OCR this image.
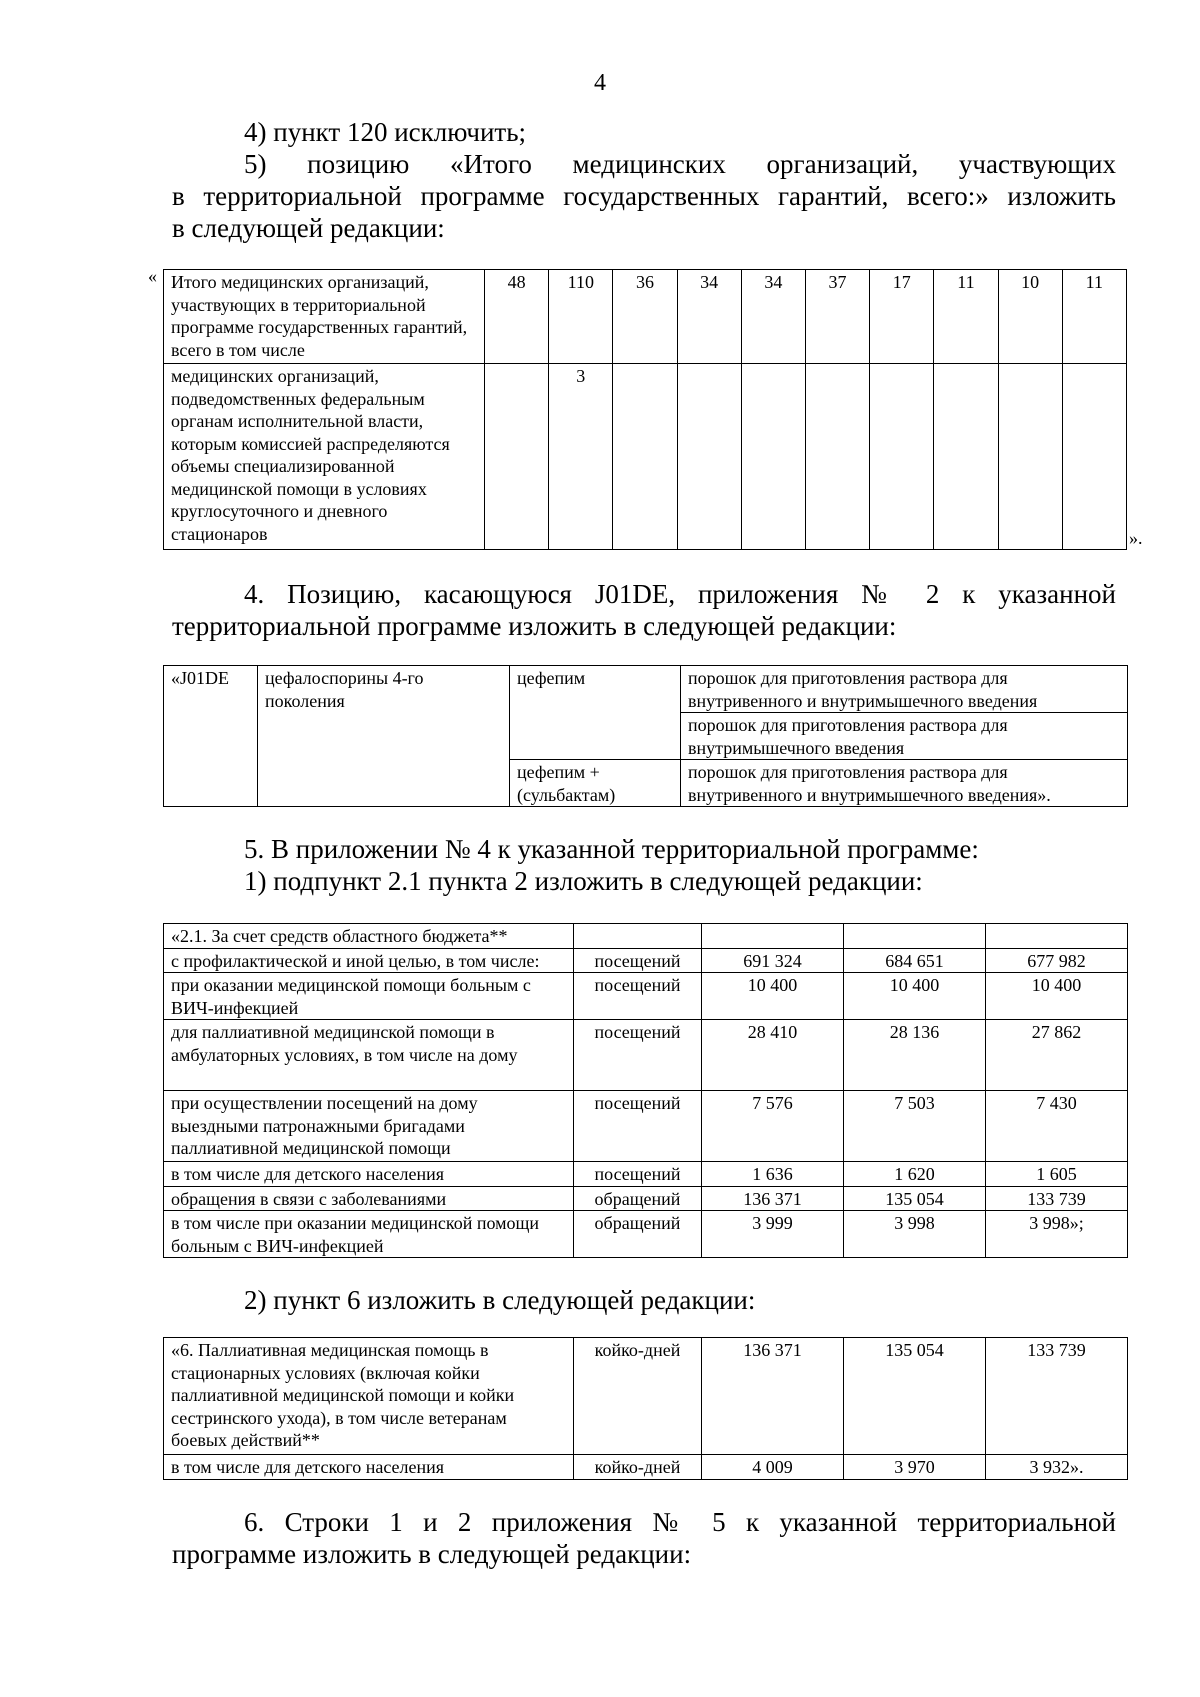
4

4) пункт 120 исключить;

5) позицию «Итого медицинских организаций, участвующих

в территориальной программе государственных гарантий, всего:» изложить

в следующей редакции:

« Итого медицинских организаций, участвующих в территориальной программе государственных гарантий, всего в том числе	48	110	36	34	34	37	17	11	10	11
медицинских организаций, подведомственных федеральным органам исполнительной власти, которым комиссией распределяются объемы специализированной медицинской помощи в условиях круглосуточного и дневного стационаров		3								
».

4. Позицию, касающуюся J01DE, приложения № 2 к указанной

территориальной программе изложить в следующей редакции:

«J01DE	цефалоспорины 4-го поколения	цефепим	порошок для приготовления раствора для внутривенного и внутримышечного введения
			порошок для приготовления раствора для внутримышечного введения
		цефепим + (сульбактам)	порошок для приготовления раствора для внутривенного и внутримышечного введения».

5. В приложении № 4 к указанной территориальной программе:

1) подпункт 2.1 пункта 2 изложить в следующей редакции:

«2.1. За счет средств областного бюджета**				
с профилактической и иной целью, в том числе:	посещений	691 324	684 651	677 982
при оказании медицинской помощи больным с ВИЧ-инфекцией	посещений	10 400	10 400	10 400
для паллиативной медицинской помощи в амбулаторных условиях, в том числе на дому	посещений	28 410	28 136	27 862
при осуществлении посещений на дому выездными патронажными бригадами паллиативной медицинской помощи	посещений	7 576	7 503	7 430
в том числе для детского населения	посещений	1 636	1 620	1 605
обращения в связи с заболеваниями	обращений	136 371	135 054	133 739
в том числе при оказании медицинской помощи больным с ВИЧ-инфекцией	обращений	3 999	3 998	3 998»;

2) пункт 6 изложить в следующей редакции:

«6. Паллиативная медицинская помощь в стационарных условиях (включая койки паллиативной медицинской помощи и койки сестринского ухода), в том числе ветеранам боевых действий**	койко-дней	136 371	135 054	133 739
в том числе для детского населения	койко-дней	4 009	3 970	3 932».

6. Строки 1 и 2 приложения № 5 к указанной территориальной

программе изложить в следующей редакции:
